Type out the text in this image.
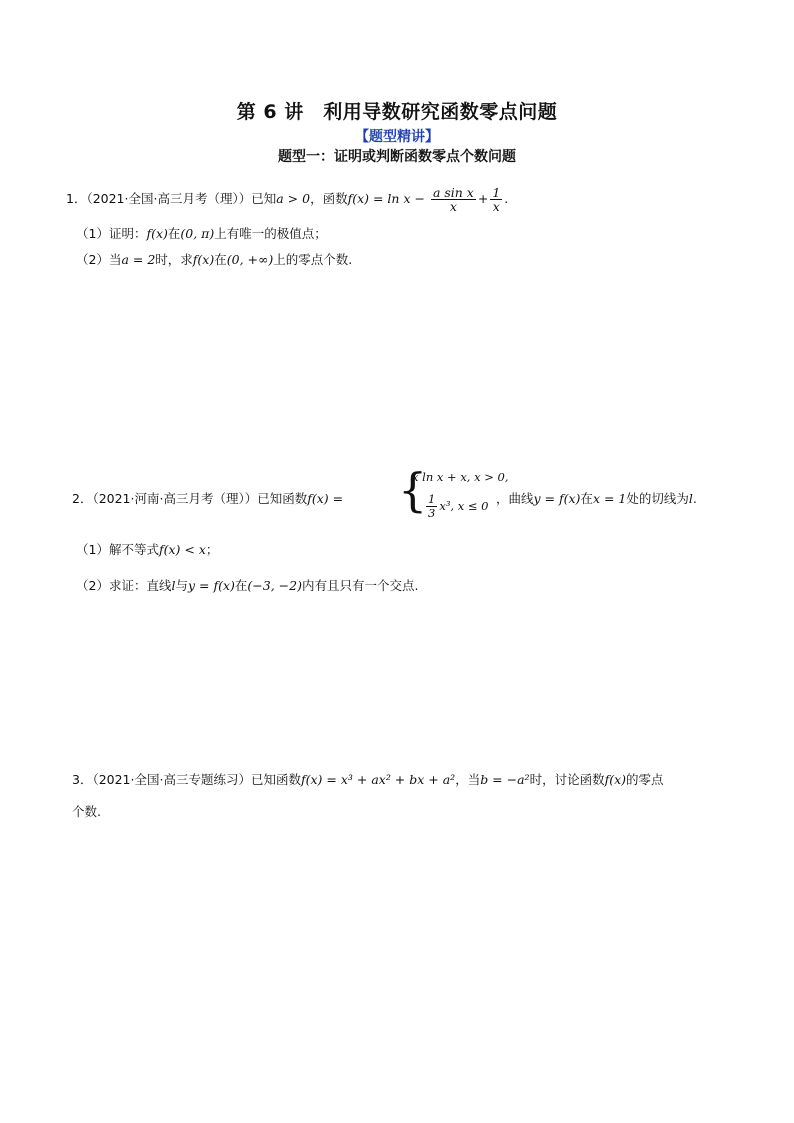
第 6 讲　利用导数研究函数零点问题
【题型精讲】
题型一：证明或判断函数零点个数问题
1．（2021·全国·高三月考（理））已知a > 0，函数$f(x) = \ln x - \frac{\text{a sin x}}{x} + \frac{1}{x}$ .
（1）证明：f(x)在(0, π)上有唯一的极值点；
（2）当a = 2时，求f(x)在(0, +∞)上的零点个数.
2．（2021·河南·高三月考（理））已知函数f(x) = {
x ln x + x, x > 0,
$\frac{1}{3} x^3$, x ≤ 0 ，曲线y = f(x)在x = 1处的切线为l.
（1）解不等式f(x) < x；
（2）求证：直线l与y = f(x)在(−3, −2)内有且只有一个交点.
3．（2021·全国·高三专题练习）已知函数f(x) = x³ + ax² + bx + a²，当b = −a²时，讨论函数f(x)的零点
个数.
